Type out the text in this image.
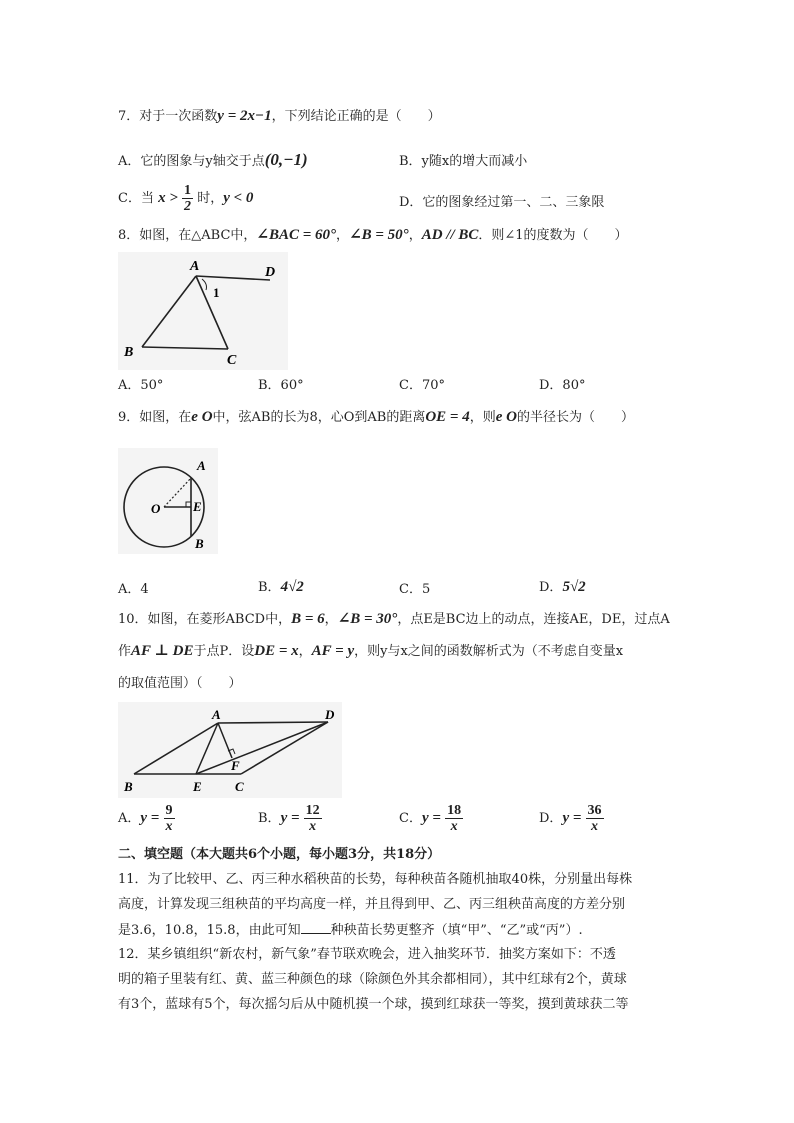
7．对于一次函数y = 2x−1，下列结论正确的是（　　）
A．它的图象与y轴交于点(0,−1)	B．y随x的增大而减小
C．当 $x > \frac{1}{2}$ 时，y < 0	D．它的图象经过第一、二、三象限
8．如图，在△ABC中，∠BAC = 60°，∠B = 50°，AD // BC．则∠1的度数为（　　）
A	D
1
B
C
A．50°	B．60°	C．70°	D．80°
9．如图，在e O中，弦AB的长为8，心O到AB的距离OE = 4，则e O的半径长为（　　）
A
O	E
B
A．4	B．4√2	C．5	D．5√2
10．如图，在菱形ABCD中，B = 6，∠B = 30°，点E是BC边上的动点，连接AE，DE，过点A
作AF ⊥ DE于点P．设DE = x，AF = y，则y与x之间的函数解析式为（不考虑自变量x
的取值范围）（　　）
A	D
F
B	E	C
A．$y = \frac{9}{x}$	B．$y = \frac{12}{x}$	C．$y = \frac{18}{x}$	D．$y = \frac{36}{x}$
二、填空题（本大题共6个小题，每小题3分，共18分）
11．为了比较甲、乙、丙三种水稻秧苗的长势，每种秧苗各随机抽取40株，分别量出每株
高度，计算发现三组秧苗的平均高度一样，并且得到甲、乙、丙三组秧苗高度的方差分别
是3.6，10.8，15.8，由此可知 种秧苗长势更整齐（填“甲”、“乙”或“丙”）.
12．某乡镇组织“新农村，新气象”春节联欢晚会，进入抽奖环节．抽奖方案如下：不透
明的箱子里装有红、黄、蓝三种颜色的球（除颜色外其余都相同），其中红球有2个，黄球
有3个，蓝球有5个，每次摇匀后从中随机摸一个球，摸到红球获一等奖，摸到黄球获二等
